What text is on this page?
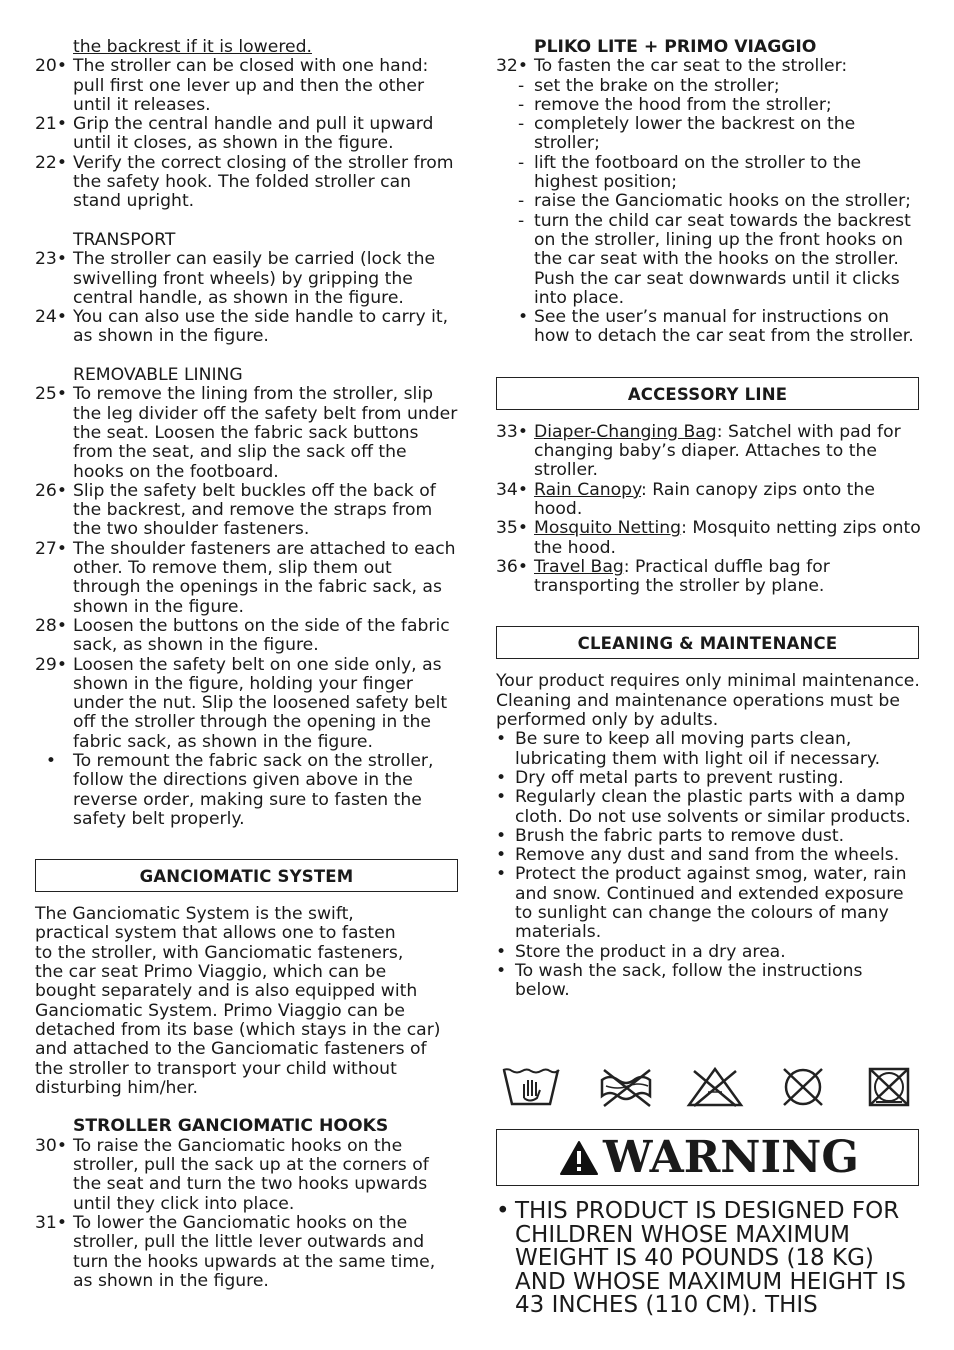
the backrest if it is lowered.
20• The stroller can be closed with one hand: pull first one lever up and then the other until it releases.
21• Grip the central handle and pull it upward until it closes, as shown in the figure.
22• Verify the correct closing of the stroller from the safety hook. The folded stroller can stand upright.
TRANSPORT
23• The stroller can easily be carried (lock the swivelling front wheels) by gripping the central handle, as shown in the figure.
24• You can also use the side handle to carry it, as shown in the figure.
REMOVABLE LINING
25• To remove the lining from the stroller, slip the leg divider off the safety belt from under the seat. Loosen the fabric sack buttons from the seat, and slip the sack off the hooks on the footboard.
26• Slip the safety belt buckles off the back of the backrest, and remove the straps from the two shoulder fasteners.
27• The shoulder fasteners are attached to each other. To remove them, slip them out through the openings in the fabric sack, as shown in the figure.
28• Loosen the buttons on the side of the fabric sack, as shown in the figure.
29• Loosen the safety belt on one side only, as shown in the figure, holding your finger under the nut. Slip the loosened safety belt off the stroller through the opening in the fabric sack, as shown in the figure.
• To remount the fabric sack on the stroller, follow the directions given above in the reverse order, making sure to fasten the safety belt properly.
GANCIOMATIC SYSTEM
The Ganciomatic System is the swift,
practical system that allows one to fasten
to the stroller, with Ganciomatic fasteners,
the car seat Primo Viaggio, which can be
bought separately and is also equipped with
Ganciomatic System. Primo Viaggio can be
detached from its base (which stays in the car)
and attached to the Ganciomatic fasteners of
the stroller to transport your child without
disturbing him/her.
STROLLER GANCIOMATIC HOOKS
30• To raise the Ganciomatic hooks on the stroller, pull the sack up at the corners of the seat and turn the two hooks upwards until they click into place.
31• To lower the Ganciomatic hooks on the stroller, pull the little lever outwards and turn the hooks upwards at the same time, as shown in the figure.
PLIKO LITE + PRIMO VIAGGIO
32• To fasten the car seat to the stroller:
- set the brake on the stroller;
- remove the hood from the stroller;
- completely lower the backrest on the stroller;
- lift the footboard on the stroller to the highest position;
- raise the Ganciomatic hooks on the stroller;
- turn the child car seat towards the backrest on the stroller, lining up the front hooks on the car seat with the hooks on the stroller. Push the car seat downwards until it clicks into place.
• See the user’s manual for instructions on how to detach the car seat from the stroller.
ACCESSORY LINE
33• Diaper-Changing Bag: Satchel with pad for changing baby’s diaper. Attaches to the stroller.
34• Rain Canopy: Rain canopy zips onto the hood.
35• Mosquito Netting: Mosquito netting zips onto the hood.
36• Travel Bag: Practical duffle bag for transporting the stroller by plane.
CLEANING & MAINTENANCE
Your product requires only minimal maintenance. Cleaning and maintenance operations must be performed only by adults.
• Be sure to keep all moving parts clean, lubricating them with light oil if necessary.
• Dry off metal parts to prevent rusting.
• Regularly clean the plastic parts with a damp cloth. Do not use solvents or similar products.
• Brush the fabric parts to remove dust.
• Remove any dust and sand from the wheels.
• Protect the product against smog, water, rain and snow. Continued and extended exposure to sunlight can change the colours of many materials.
• Store the product in a dry area.
• To wash the sack, follow the instructions below.
WARNING
• THIS PRODUCT IS DESIGNED FOR CHILDREN WHOSE MAXIMUM WEIGHT IS 40 POUNDS (18 KG) AND WHOSE MAXIMUM HEIGHT IS 43 INCHES (110 CM). THIS
